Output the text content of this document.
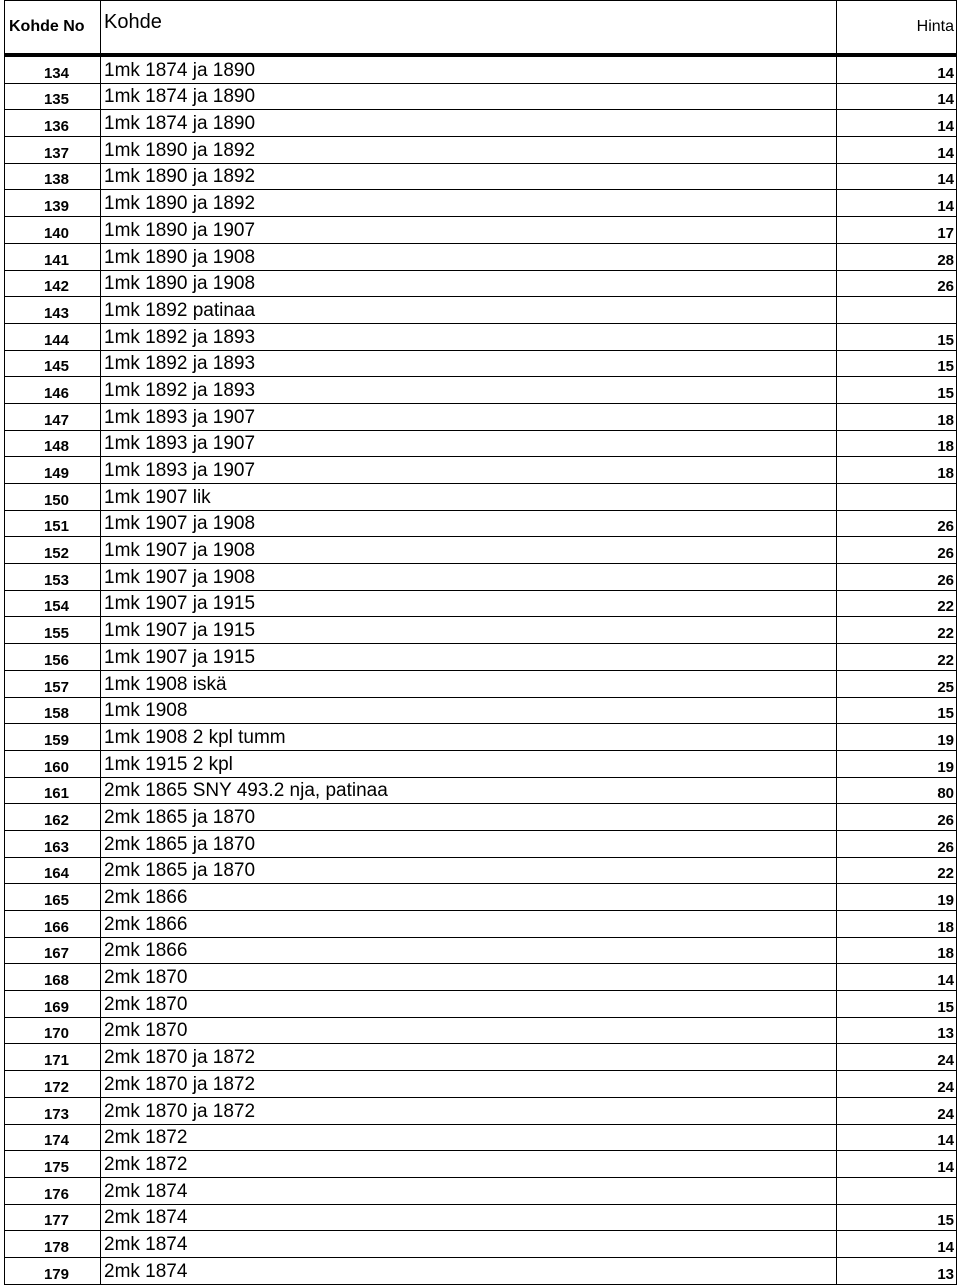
Kohde No	Kohde	Hinta
134	1mk 1874 ja 1890	14
135	1mk 1874 ja 1890	14
136	1mk 1874 ja 1890	14
137	1mk 1890 ja 1892	14
138	1mk 1890 ja 1892	14
139	1mk 1890 ja 1892	14
140	1mk 1890 ja 1907	17
141	1mk 1890 ja 1908	28
142	1mk 1890 ja 1908	26
143	1mk 1892 patinaa	
144	1mk 1892 ja 1893	15
145	1mk 1892 ja 1893	15
146	1mk 1892 ja 1893	15
147	1mk 1893 ja 1907	18
148	1mk 1893 ja 1907	18
149	1mk 1893 ja 1907	18
150	1mk 1907 lik	
151	1mk 1907 ja 1908	26
152	1mk 1907 ja 1908	26
153	1mk 1907 ja 1908	26
154	1mk 1907 ja 1915	22
155	1mk 1907 ja 1915	22
156	1mk 1907 ja 1915	22
157	1mk 1908 iskä	25
158	1mk 1908	15
159	1mk 1908 2 kpl tumm	19
160	1mk 1915 2 kpl	19
161	2mk 1865 SNY 493.2 nja, patinaa	80
162	2mk 1865 ja 1870	26
163	2mk 1865 ja 1870	26
164	2mk 1865 ja 1870	22
165	2mk 1866	19
166	2mk 1866	18
167	2mk 1866	18
168	2mk 1870	14
169	2mk 1870	15
170	2mk 1870	13
171	2mk 1870 ja 1872	24
172	2mk 1870 ja 1872	24
173	2mk 1870 ja 1872	24
174	2mk 1872	14
175	2mk 1872	14
176	2mk 1874	
177	2mk 1874	15
178	2mk 1874	14
179	2mk 1874	13
